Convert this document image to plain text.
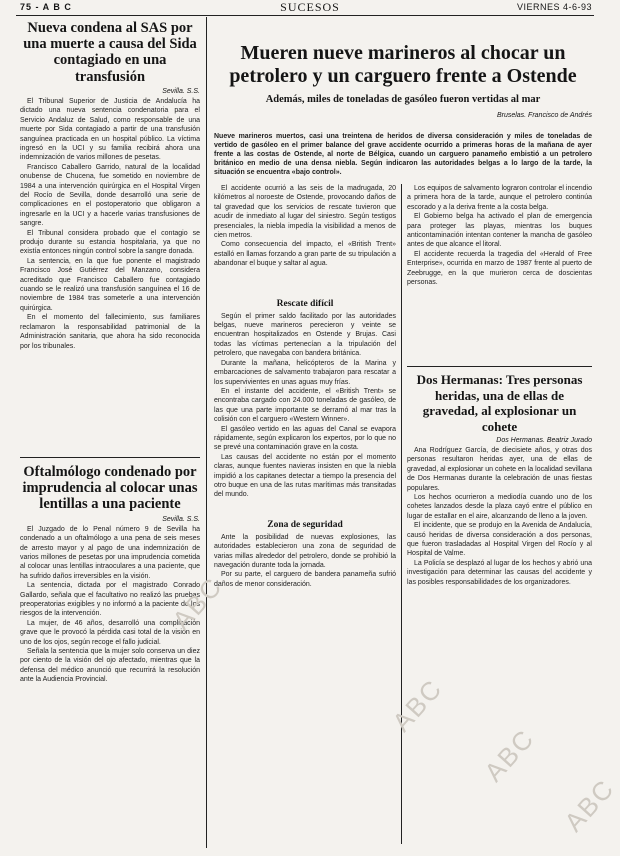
75 - A B C	SUCESOS	VIERNES 4-6-93
Nueva condena al SAS por una muerte a causa del Sida contagiado en una transfusión
Sevilla. S.S.

El Tribunal Superior de Justicia de Andalucía ha dictado una nueva sentencia condenatoria para el Servicio Andaluz de Salud, como responsable de una muerte por Sida contagiado a partir de una transfusión sanguínea practicada en un hospital público. La víctima ingresó en la UCI y su familia recibirá ahora una indemnización de varios millones de pesetas.

Francisco Caballero Garrido, natural de la localidad onubense de Chucena, fue sometido en noviembre de 1984 a una intervención quirúrgica en el Hospital Virgen del Rocío de Sevilla, donde desarrolló una serie de complicaciones en el postoperatorio que obligaron a ingresarle en la UCI y a hacerle varias transfusiones de sangre.

El Tribunal considera probado que el contagio se produjo durante su estancia hospitalaria, ya que no existía entonces ningún control sobre la sangre donada.

La sentencia, en la que fue ponente el magistrado Francisco José Gutiérrez del Manzano, considera acreditado que Francisco Caballero fue contagiado cuando se le realizó una transfusión sanguínea el 16 de noviembre de 1984 tras someterle a una intervención quirúrgica.

En el momento del fallecimiento, sus familiares reclamaron la responsabilidad patrimonial de la Administración sanitaria, que ahora ha sido reconocida por los tribunales.

Oftalmólogo condenado por imprudencia al colocar unas lentillas a una paciente
Sevilla. S.S.

El Juzgado de lo Penal número 9 de Sevilla ha condenado a un oftalmólogo a una pena de seis meses de arresto mayor y al pago de una indemnización de varios millones de pesetas por una imprudencia cometida al colocar unas lentillas intraoculares a una paciente, que ha sufrido daños irreversibles en la visión.

La sentencia, dictada por el magistrado Conrado Gallardo, señala que el facultativo no realizó las pruebas preoperatorias exigibles y no informó a la paciente de los riesgos de la intervención.

La mujer, de 46 años, desarrolló una complicación grave que le provocó la pérdida casi total de la visión en uno de los ojos, según recoge el fallo judicial.

Señala la sentencia que la mujer solo conserva un diez por ciento de la visión del ojo afectado, mientras que la defensa del médico anunció que recurrirá la resolución ante la Audiencia Provincial.

Mueren nueve marineros al chocar un petrolero y un carguero frente a Ostende
Además, miles de toneladas de gasóleo fueron vertidas al mar
Bruselas. Francisco de Andrés

Nueve marineros muertos, casi una treintena de heridos de diversa consideración y miles de toneladas de vertido de gasóleo en el primer balance del grave accidente ocurrido a primeras horas de la mañana de ayer frente a las costas de Ostende, al norte de Bélgica, cuando un carguero panameño embistió a un petrolero británico en medio de una densa niebla. Según indicaron las autoridades belgas a lo largo de la tarde, la situación se encuentra «bajo control».

El accidente ocurrió a las seis de la madrugada, 20 kilómetros al noroeste de Ostende, provocando daños de tal gravedad que los servicios de rescate tuvieron que acudir de inmediato al lugar del siniestro. Según testigos presenciales, la niebla impedía la visibilidad a menos de cien metros.

Como consecuencia del impacto, el «British Trent» estalló en llamas forzando a gran parte de su tripulación a abandonar el buque y saltar al agua.

Rescate difícil

Según el primer saldo facilitado por las autoridades belgas, nueve marineros perecieron y veinte se encuentran hospitalizados en Ostende y Brujas. Casi todas las víctimas pertenecían a la tripulación del petrolero, que navegaba con bandera británica.

Durante la mañana, helicópteros de la Marina y embarcaciones de salvamento trabajaron para rescatar a los supervivientes en unas aguas muy frías.

En el instante del accidente, el «British Trent» se encontraba cargado con 24.000 toneladas de gasóleo, de las que una parte importante se derramó al mar tras la colisión con el carguero «Western Winner».

El gasóleo vertido en las aguas del Canal se evapora rápidamente, según explicaron los expertos, por lo que no se prevé una contaminación grave en la costa.

Las causas del accidente no están por el momento claras, aunque fuentes navieras insisten en que la niebla impidió a los capitanes detectar a tiempo la presencia del otro buque en una de las rutas marítimas más transitadas del mundo.

Zona de seguridad

Ante la posibilidad de nuevas explosiones, las autoridades establecieron una zona de seguridad de varias millas alrededor del petrolero, donde se prohibió la navegación durante toda la jornada.

Por su parte, el carguero de bandera panameña sufrió daños de menor consideración.

Los equipos de salvamento lograron controlar el incendio a primera hora de la tarde, aunque el petrolero continúa escorado y a la deriva frente a la costa belga.

El Gobierno belga ha activado el plan de emergencia para proteger las playas, mientras los buques anticontaminación intentan contener la mancha de gasóleo antes de que alcance el litoral.

El accidente recuerda la tragedia del «Herald of Free Enterprise», ocurrida en marzo de 1987 frente al puerto de Zeebrugge, en la que murieron cerca de doscientas personas.

Dos Hermanas: Tres personas heridas, una de ellas de gravedad, al explosionar un cohete
Dos Hermanas. Beatriz Jurado

Ana Rodríguez García, de diecisiete años, y otras dos personas resultaron heridas ayer, una de ellas de gravedad, al explosionar un cohete en la localidad sevillana de Dos Hermanas durante la celebración de unas fiestas populares.

Los hechos ocurrieron a mediodía cuando uno de los cohetes lanzados desde la plaza cayó entre el público en lugar de estallar en el aire, alcanzando de lleno a la joven.

El incidente, que se produjo en la Avenida de Andalucía, causó heridas de diversa consideración a dos personas, que fueron trasladadas al Hospital Virgen del Rocío y al Hospital de Valme.

La Policía se desplazó al lugar de los hechos y abrió una investigación para determinar las causas del accidente y las posibles responsabilidades de los organizadores.

ABC
ABC
ABC
ABC
